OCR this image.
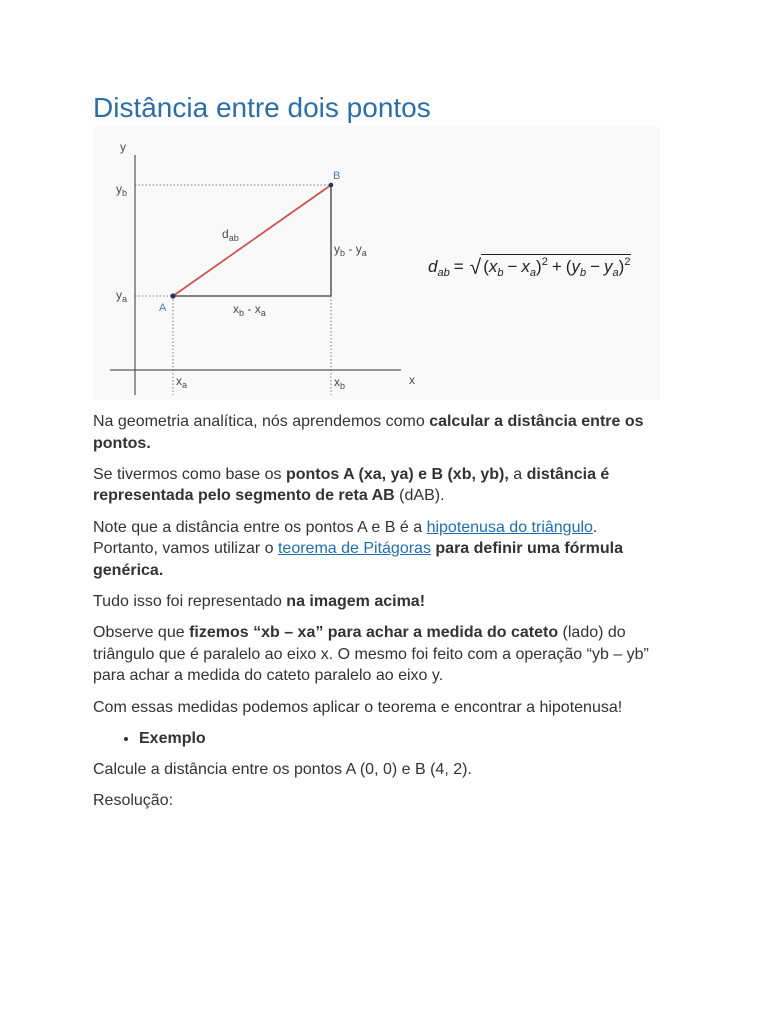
Distância entre dois pontos
y
x
$y_b$
$y_a$
$x_a$	$x_b$
A
B
$d_{ab}$
$y_b - y_a$
$x_b - x_a$
d ab = √ ( x b − x a ) 2 + ( y b − y a ) 2

Na geometria analítica, nós aprendemos como calcular a distância entre os
pontos.

Se tivermos como base os pontos A (xa, ya) e B (xb, yb), a distância é
representada pelo segmento de reta AB (dAB).

Note que a distância entre os pontos A e B é a hipotenusa do triângulo.
Portanto, vamos utilizar o teorema de Pitágoras para definir uma fórmula
genérica.

Tudo isso foi representado na imagem acima!

Observe que fizemos “xb – xa” para achar a medida do cateto (lado) do
triângulo que é paralelo ao eixo x. O mesmo foi feito com a operação “yb – yb”
para achar a medida do cateto paralelo ao eixo y.

Com essas medidas podemos aplicar o teorema e encontrar a hipotenusa!

• Exemplo

Calcule a distância entre os pontos A (0, 0) e B (4, 2).

Resolução:
